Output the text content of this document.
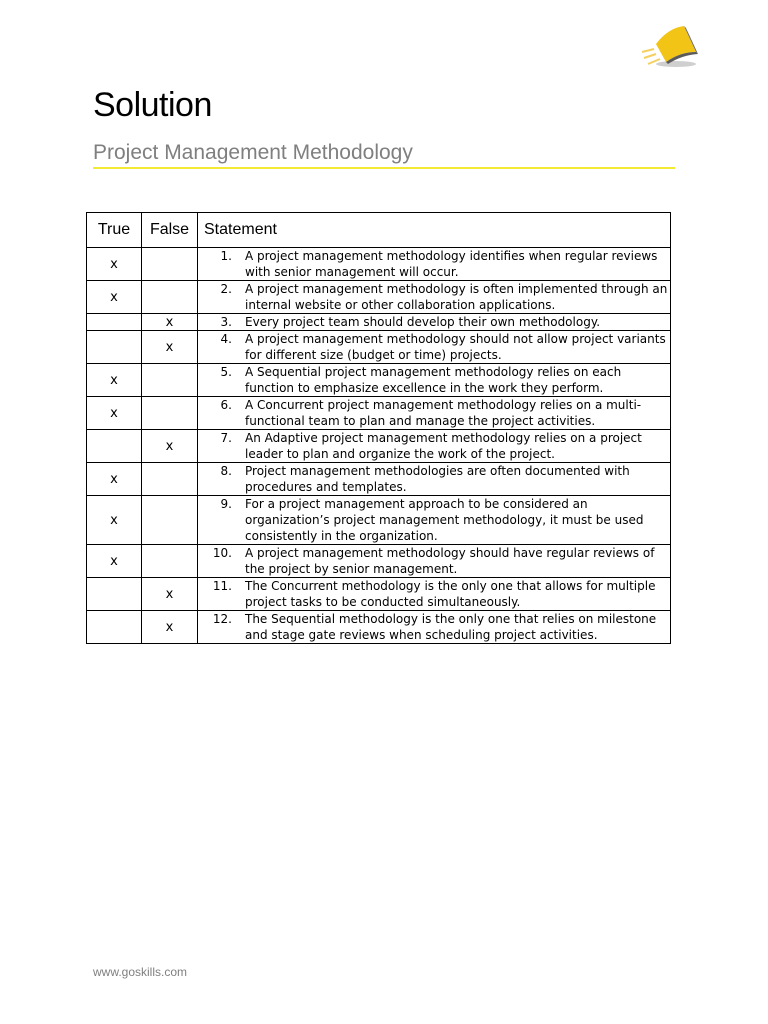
Solution
Project Management Methodology
True	False	Statement
x		1. A project management methodology identifies when regular reviews with senior management will occur.

x		2. A project management methodology is often implemented through an internal website or other collaboration applications.

	x	3. Every project team should develop their own methodology.

	x	4. A project management methodology should not allow project variants for different size (budget or time) projects.

x		5. A Sequential project management methodology relies on each function to emphasize excellence in the work they perform.

x		6. A Concurrent project management methodology relies on a multi-functional team to plan and manage the project activities.

	x	7. An Adaptive project management methodology relies on a project leader to plan and organize the work of the project.

x		8. Project management methodologies are often documented with procedures and templates.

x		9. For a project management approach to be considered an organization’s project management methodology, it must be used consistently in the organization.

x		10. A project management methodology should have regular reviews of the project by senior management.

	x	11. The Concurrent methodology is the only one that allows for multiple project tasks to be conducted simultaneously.

	x	12. The Sequential methodology is the only one that relies on milestone and stage gate reviews when scheduling project activities.
www.goskills.com
